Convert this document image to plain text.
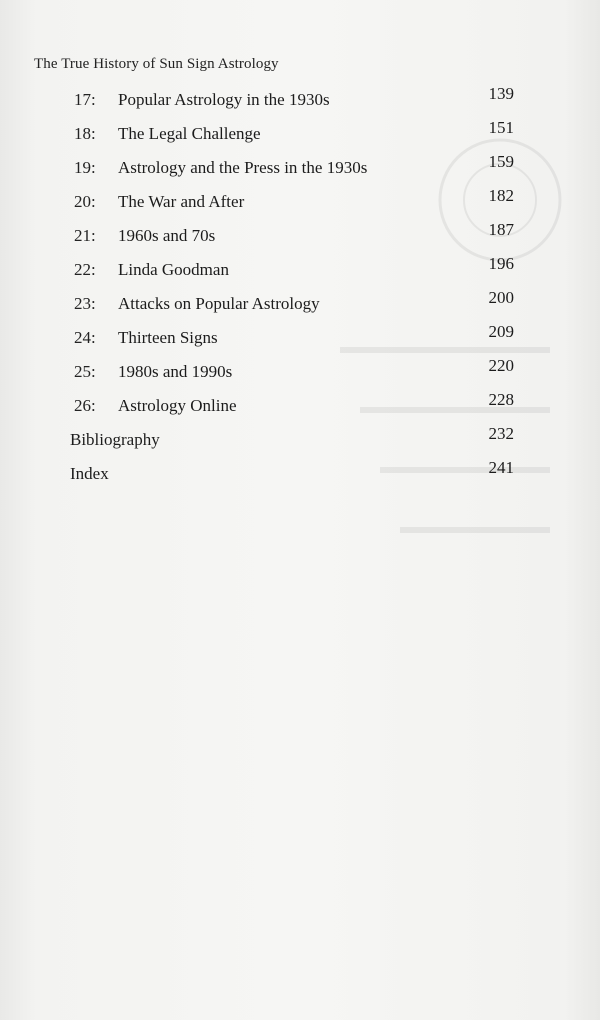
The True History of Sun Sign Astrology
17: Popular Astrology in the 1930s	139
18: The Legal Challenge	151
19: Astrology and the Press in the 1930s	159
20: The War and After	182
21: 1960s and 70s	187
22: Linda Goodman	196
23: Attacks on Popular Astrology	200
24: Thirteen Signs	209
25: 1980s and 1990s	220
26: Astrology Online	228
Bibliography	232
Index	241
